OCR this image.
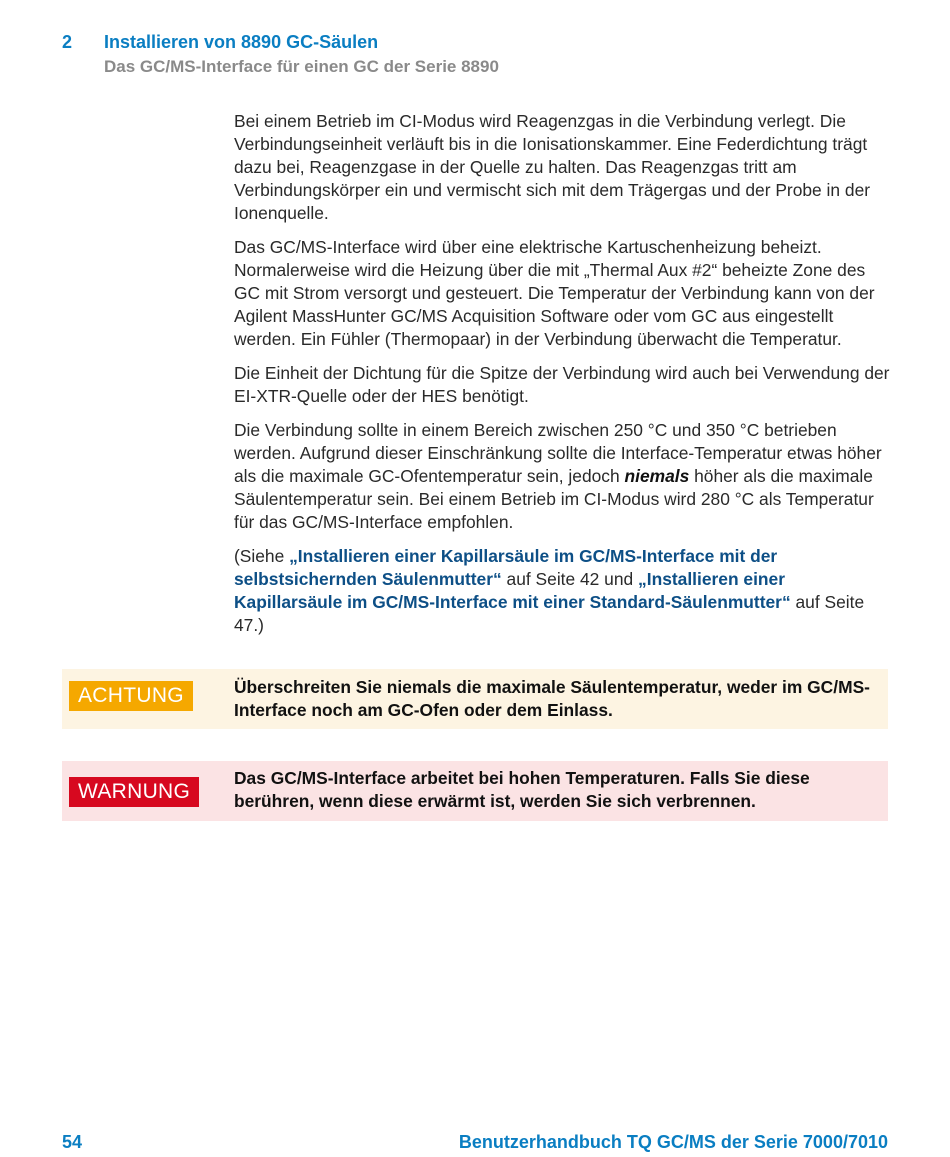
2	Installieren von 8890 GC-Säulen
Das GC/MS-Interface für einen GC der Serie 8890

Bei einem Betrieb im CI-Modus wird Reagenzgas in die Verbindung verlegt. Die Verbindungseinheit verläuft bis in die Ionisationskammer. Eine Federdichtung trägt dazu bei, Reagenzgase in der Quelle zu halten. Das Reagenzgas tritt am Verbindungskörper ein und vermischt sich mit dem Trägergas und der Probe in der Ionenquelle.

Das GC/MS-Interface wird über eine elektrische Kartuschenheizung beheizt. Normalerweise wird die Heizung über die mit „Thermal Aux #2“ beheizte Zone des GC mit Strom versorgt und gesteuert. Die Temperatur der Verbindung kann von der Agilent MassHunter GC/MS Acquisition Software oder vom GC aus eingestellt werden. Ein Fühler (Thermopaar) in der Verbindung überwacht die Temperatur.

Die Einheit der Dichtung für die Spitze der Verbindung wird auch bei Verwendung der EI-XTR-Quelle oder der HES benötigt.

Die Verbindung sollte in einem Bereich zwischen 250 °C und 350 °C betrieben werden. Aufgrund dieser Einschränkung sollte die Interface-Temperatur etwas höher als die maximale GC-Ofentemperatur sein, jedoch niemals höher als die maximale Säulentemperatur sein. Bei einem Betrieb im CI-Modus wird 280 °C als Temperatur für das GC/MS-Interface empfohlen.

(Siehe „Installieren einer Kapillarsäule im GC/MS-Interface mit der selbstsichernden Säulenmutter“ auf Seite 42 und „Installieren einer Kapillarsäule im GC/MS-Interface mit einer Standard-Säulenmutter“ auf Seite 47.)

ACHTUNG	Überschreiten Sie niemals die maximale Säulentemperatur, weder im GC/MS-Interface noch am GC-Ofen oder dem Einlass.
WARNUNG
Das GC/MS-Interface arbeitet bei hohen Temperaturen. Falls Sie diese berühren, wenn diese erwärmt ist, werden Sie sich verbrennen.
54	Benutzerhandbuch TQ GC/MS der Serie 7000/7010
